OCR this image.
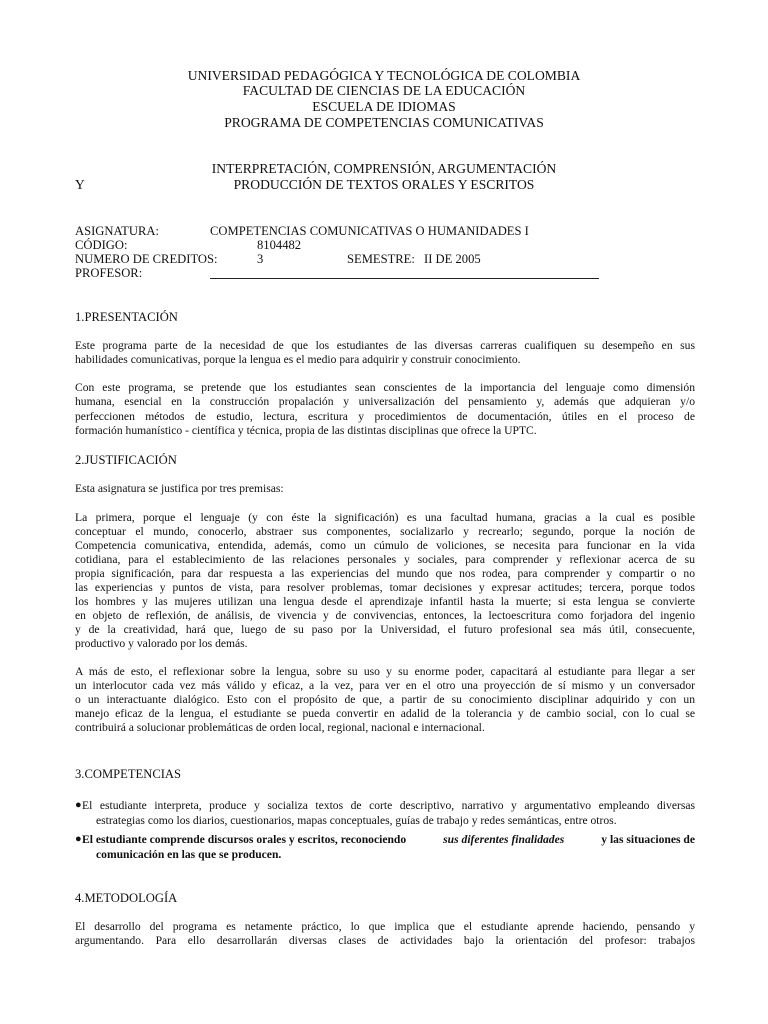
UNIVERSIDAD PEDAGÓGICA Y TECNOLÓGICA DE COLOMBIA
FACULTAD DE CIENCIAS DE LA EDUCACIÓN
ESCUELA DE IDIOMAS
PROGRAMA DE COMPETENCIAS COMUNICATIVAS
INTERPRETACIÓN, COMPRENSIÓN, ARGUMENTACIÓN
Y	PRODUCCIÓN DE TEXTOS ORALES Y ESCRITOS
ASIGNATURA:	COMPETENCIAS COMUNICATIVAS O HUMANIDADES I
CÓDIGO:	8104482
NUMERO DE CREDITOS:	3	SEMESTRE: II DE 2005
PROFESOR:
1.PRESENTACIÓN
Este programa parte de la necesidad de que los estudiantes de las diversas carreras cualifiquen su desempeño en sus
habilidades comunicativas, porque la lengua es el medio para adquirir y construir conocimiento.
Con este programa, se pretende que los estudiantes sean conscientes de la importancia del lenguaje como dimensión
humana, esencial en la construcción propalación y universalización del pensamiento y, además que adquieran y/o
perfeccionen métodos de estudio, lectura, escritura y procedimientos de documentación, útiles en el proceso de
formación humanístico - científica y técnica, propia de las distintas disciplinas que ofrece la UPTC.
2.JUSTIFICACIÓN
Esta asignatura se justifica por tres premisas:
La primera, porque el lenguaje (y con éste la significación) es una facultad humana, gracias a la cual es posible
conceptuar el mundo, conocerlo, abstraer sus componentes, socializarlo y recrearlo; segundo, porque la noción de
Competencia comunicativa, entendida, además, como un cúmulo de voliciones, se necesita para funcionar en la vida
cotidiana, para el establecimiento de las relaciones personales y sociales, para comprender y reflexionar acerca de su
propia significación, para dar respuesta a las experiencias del mundo que nos rodea, para comprender y compartir o no
las experiencias y puntos de vista, para resolver problemas, tomar decisiones y expresar actitudes; tercera, porque todos
los hombres y las mujeres utilizan una lengua desde el aprendizaje infantil hasta la muerte; si esta lengua se convierte
en objeto de reflexión, de análisis, de vivencia y de convivencias, entonces, la lectoescritura como forjadora del ingenio
y de la creatividad, hará que, luego de su paso por la Universidad, el futuro profesional sea más útil, consecuente,
productivo y valorado por los demás.
A más de esto, el reflexionar sobre la lengua, sobre su uso y su enorme poder, capacitará al estudiante para llegar a ser
un interlocutor cada vez más válido y eficaz, a la vez, para ver en el otro una proyección de sí mismo y un conversador
o un interactuante dialógico. Esto con el propósito de que, a partir de su conocimiento disciplinar adquirido y con un
manejo eficaz de la lengua, el estudiante se pueda convertir en adalid de la tolerancia y de cambio social, con lo cual se
contribuirá a solucionar problemáticas de orden local, regional, nacional e internacional.
3.COMPETENCIAS
● El estudiante interpreta, produce y socializa textos de corte descriptivo, narrativo y argumentativo empleando diversas
estrategias como los diarios, cuestionarios, mapas conceptuales, guías de trabajo y redes semánticas, entre otros.
● El estudiante comprende discursos orales y escritos, reconociendo	sus diferentes finalidades	y las situaciones de
comunicación en las que se producen.
4.METODOLOGÍA
El desarrollo del programa es netamente práctico, lo que implica que el estudiante aprende haciendo, pensando y
argumentando. Para ello desarrollarán diversas clases de actividades bajo la orientación del profesor: trabajos
